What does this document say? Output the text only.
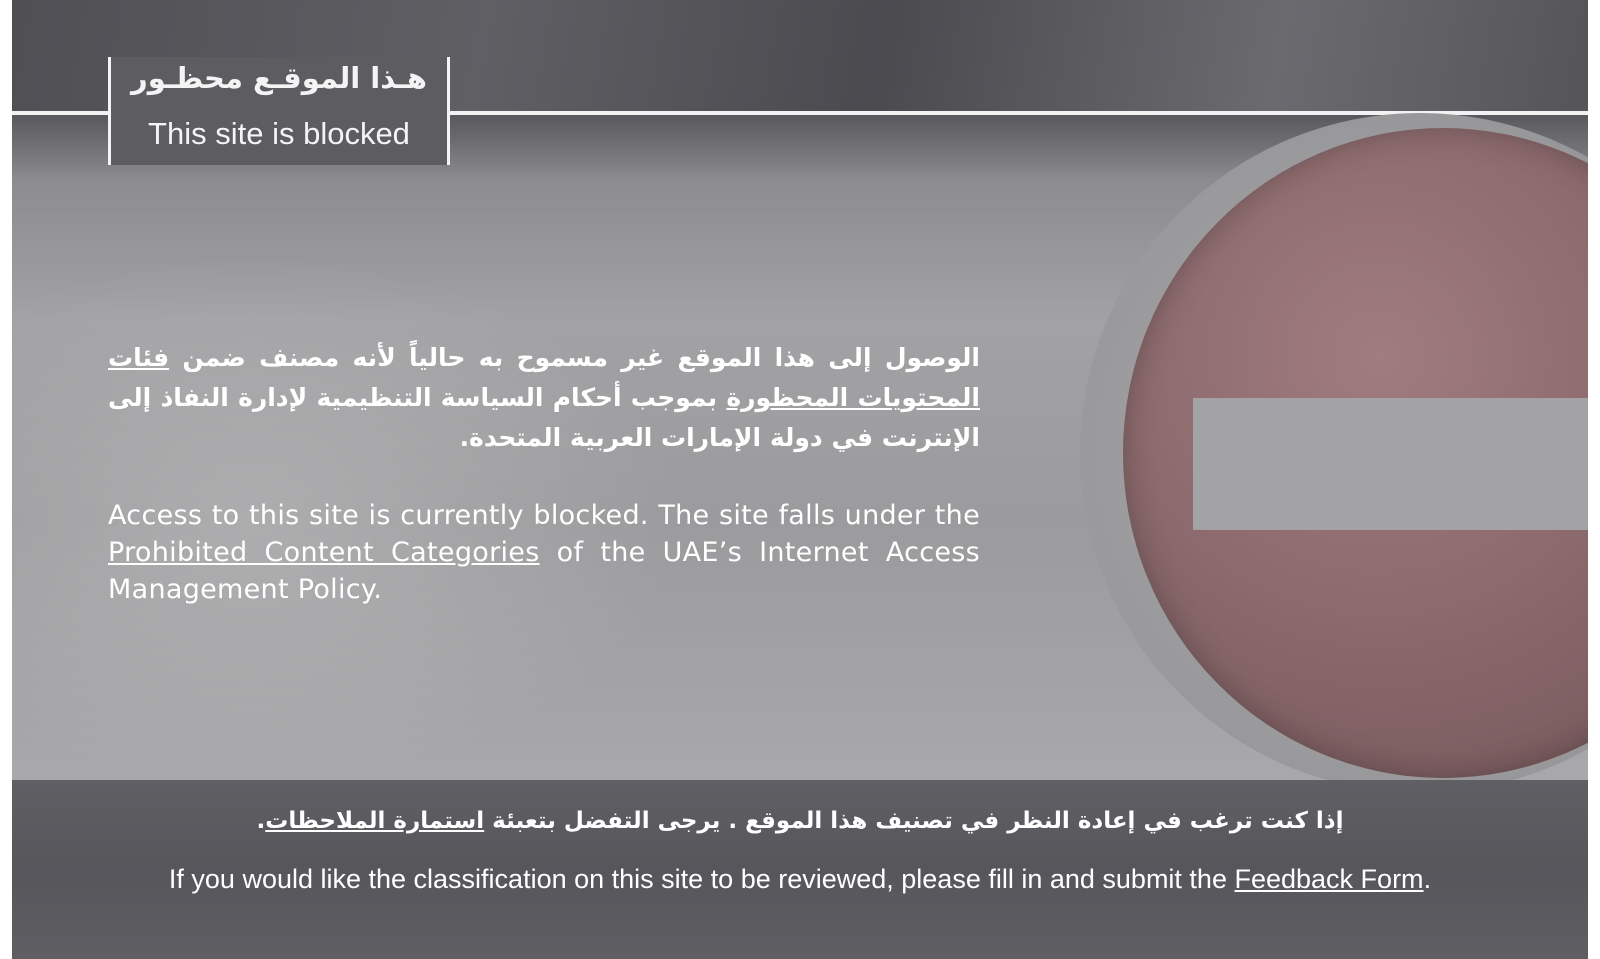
هـذا الموقـع محظـور
This site is blocked
الوصول إلى هذا الموقع غير مسموح به حالياً لأنه مصنف ضمن فئات المحتويات المحظورة بموجب أحكام السياسة التنظيمية لإدارة النفاذ إلى الإنترنت في دولة الإمارات العربية المتحدة.
Access to this site is currently blocked. The site falls under the Prohibited Content Categories of the UAE’s Internet Access Management Policy.
إذا كنت ترغب في إعادة النظر في تصنيف هذا الموقع . يرجى التفضل بتعبئة استمارة الملاحظات.
If you would like the classification on this site to be reviewed, please fill in and submit the Feedback Form.
